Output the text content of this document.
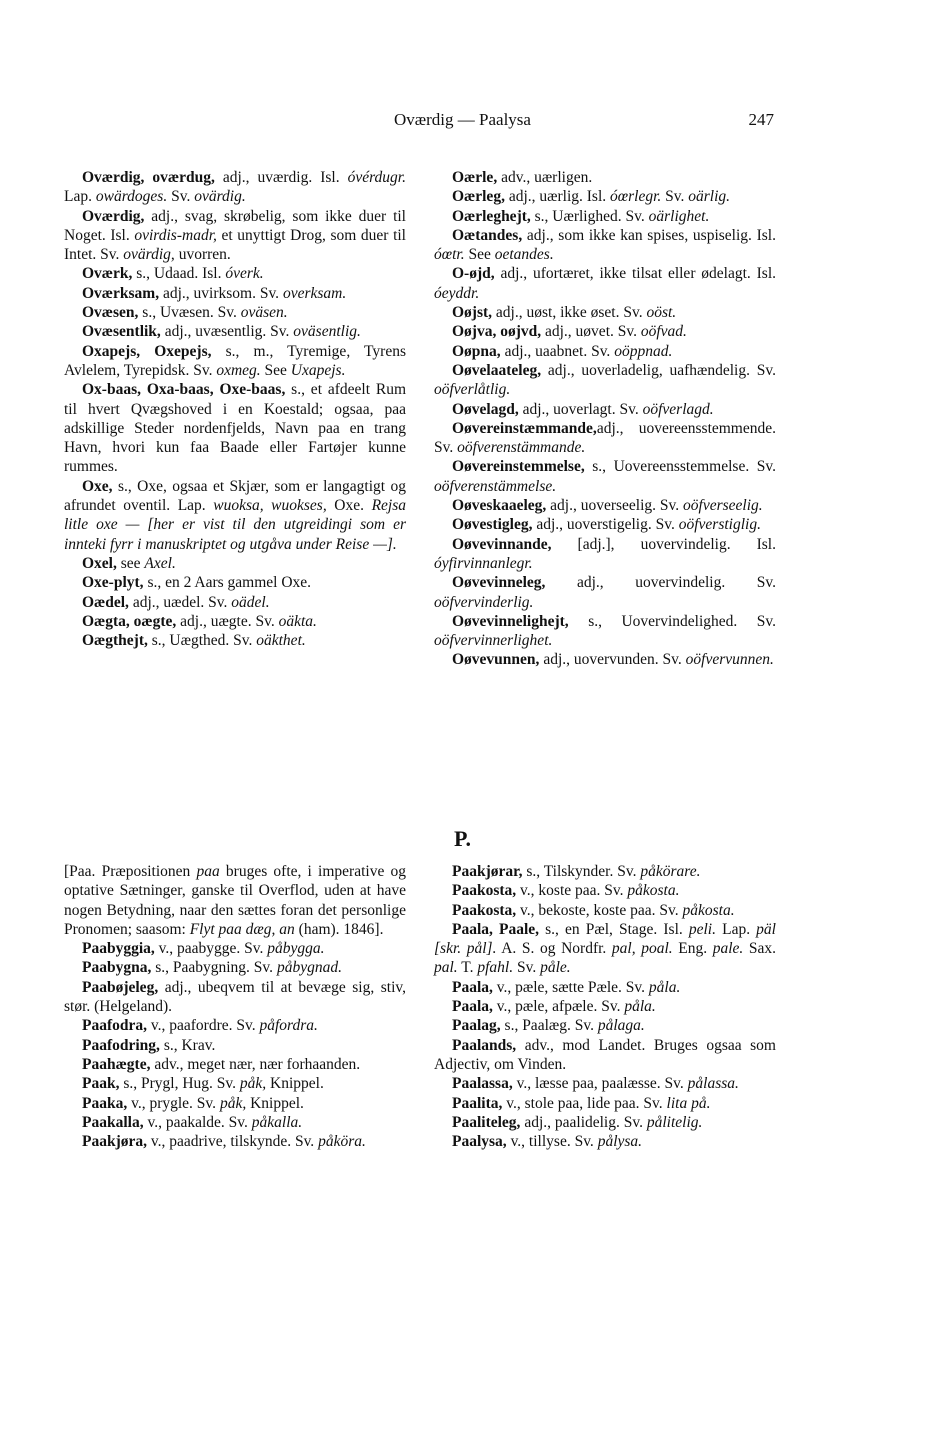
Oværdig — Paalysa	247
Oværdig, oværdug, adj., uværdig. Isl. óvérdugr. Lap. owärdoges. Sv. ovärdig.
Oværdig, adj., svag, skrøbelig, som ikke duer til Noget. Isl. ovirdis-madr, et unyttigt Drog, som duer til Intet. Sv. ovärdig, uvorren.
Oværk, s., Udaad. Isl. óverk.
Oværksam, adj., uvirksom. Sv. overksam.
Ovæsen, s., Uvæsen. Sv. oväsen.
Ovæsentlik, adj., uvæsentlig. Sv. oväsentlig.
Oxapejs, Oxepejs, s., m., Tyremige, Tyrens Avlelem, Tyrepidsk. Sv. oxmeg. See Uxapejs.
Ox-baas, Oxa-baas, Oxe-baas, s., et afdeelt Rum til hvert Qvægshoved i en Koestald; ogsaa, paa adskillige Steder nordenfjelds, Navn paa en trang Havn, hvori kun faa Baade eller Fartøjer kunne rummes.
Oxe, s., Oxe, ogsaa et Skjær, som er langagtigt og afrundet oventil. Lap. wuoksa, wuokses, Oxe. Rejsa litle oxe — [her er vist til den utgreidingi som er innteki fyrr i manuskriptet og utgåva under Reise —].
Oxel, see Axel.
Oxe-plyt, s., en 2 Aars gammel Oxe.
Oædel, adj., uædel. Sv. oädel.
Oægta, oægte, adj., uægte. Sv. oäkta.
Oægthejt, s., Uægthed. Sv. oäkthet.
Oærle, adv., uærligen.
Oærleg, adj., uærlig. Isl. óœrlegr. Sv. oärlig.
Oærleghejt, s., Uærlighed. Sv. oärlighet.
Oætandes, adj., som ikke kan spises, uspiselig. Isl. óœtr. See oetandes.
O-øjd, adj., ufortæret, ikke tilsat eller ødelagt. Isl. óeyddr.
Oøjst, adj., uøst, ikke øset. Sv. oöst.
Oøjva, oøjvd, adj., uøvet. Sv. oöfvad.
Oøpna, adj., uaabnet. Sv. oöppnad.
Oøvelaateleg, adj., uoverladelig, uafhændelig. Sv. oöfverlåtlig.
Oøvelagd, adj., uoverlagt. Sv. oöfverlagd.
Oøvereinstæmmande,adj., uovereensstemmende. Sv. oöfverenstämmande.
Oøvereinstemmelse, s., Uovereensstemmelse. Sv. oöfverenstämmelse.
Oøveskaaeleg, adj., uoverseelig. Sv. oöfverseelig.
Oøvestigleg, adj., uoverstigelig. Sv. oöfverstiglig.
Oøvevinnande, [adj.], uovervindelig. Isl. óyfirvinnanlegr.
Oøvevinneleg, adj., uovervindelig. Sv. oöfvervinderlig.
Oøvevinnelighejt, s., Uovervindelighed. Sv. oöfvervinnerlighet.
Oøvevunnen, adj., uovervunden. Sv. oöfvervunnen.
P.
[Paa. Præpositionen paa bruges ofte, i imperative og optative Sætninger, ganske til Overflod, uden at have nogen Betydning, naar den sættes foran det personlige Pronomen; saasom: Flyt paa dæg, an (ham). 1846].
Paabyggia, v., paabygge. Sv. påbygga.
Paabygna, s., Paabygning. Sv. påbygnad.
Paabøjeleg, adj., ubeqvem til at bevæge sig, stiv, stør. (Helgeland).
Paafodra, v., paafordre. Sv. påfordra.
Paafodring, s., Krav.
Paahægte, adv., meget nær, nær forhaanden.
Paak, s., Prygl, Hug. Sv. påk, Knippel.
Paaka, v., prygle. Sv. påk, Knippel.
Paakalla, v., paakalde. Sv. påkalla.
Paakjøra, v., paadrive, tilskynde. Sv. påköra.
Paakjørar, s., Tilskynder. Sv. påkörare.
Paakosta, v., koste paa. Sv. påkosta.
Paakosta, v., bekoste, koste paa. Sv. påkosta.
Paala, Paale, s., en Pæl, Stage. Isl. peli. Lap. päl [skr. pål]. A. S. og Nordfr. pal, poal. Eng. pale. Sax. pal. T. pfahl. Sv. påle.
Paala, v., pæle, sætte Pæle. Sv. påla.
Paala, v., pæle, afpæle. Sv. påla.
Paalag, s., Paalæg. Sv. pålaga.
Paalands, adv., mod Landet. Bruges ogsaa som Adjectiv, om Vinden.
Paalassa, v., læsse paa, paalæsse. Sv. pålassa.
Paalita, v., stole paa, lide paa. Sv. lita på.
Paaliteleg, adj., paalidelig. Sv. pålitelig.
Paalysa, v., tillyse. Sv. pålysa.
